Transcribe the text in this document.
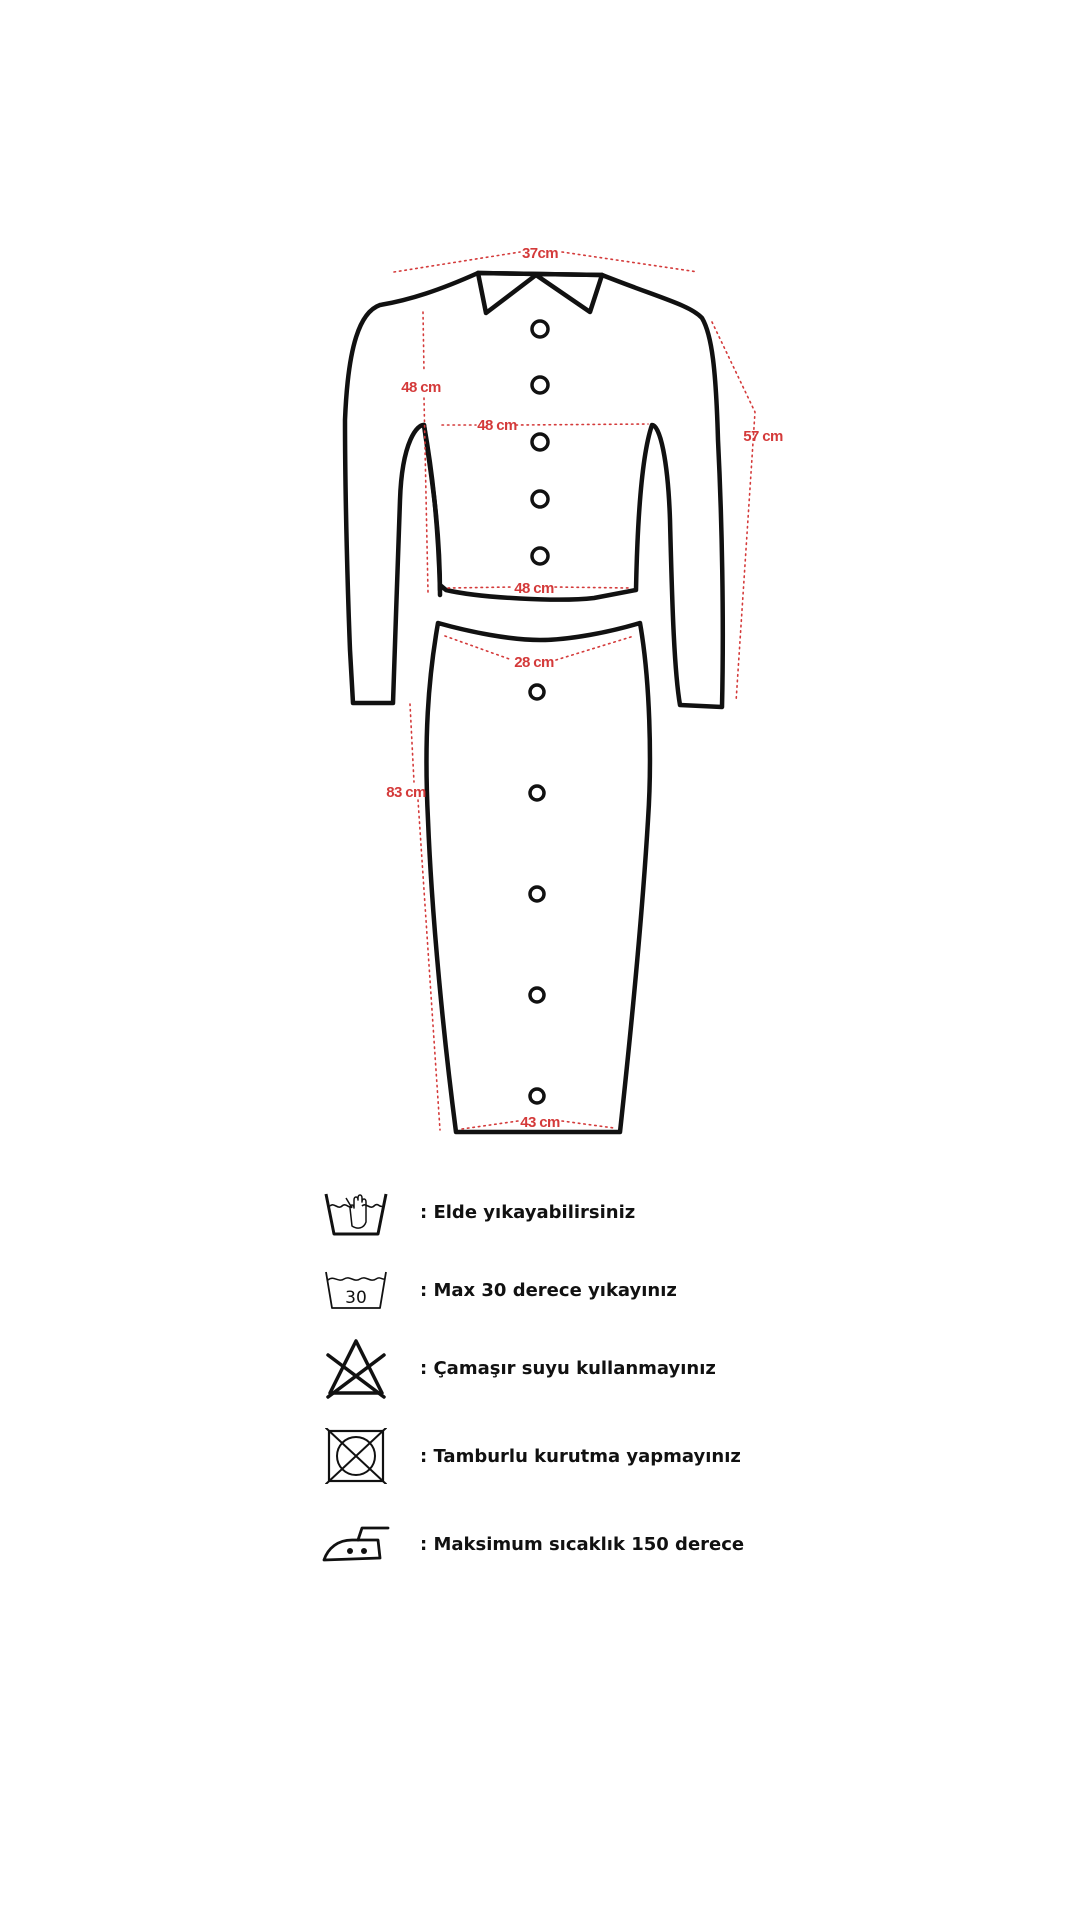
37cm
48 cm
48 cm
57 cm
48 cm
28 cm
83 cm
43 cm
: Elde yıkayabilirsiniz
30	: Max 30 derece yıkayınız
: Çamaşır suyu kullanmayınız
: Tamburlu kurutma yapmayınız
: Maksimum sıcaklık 150 derece
